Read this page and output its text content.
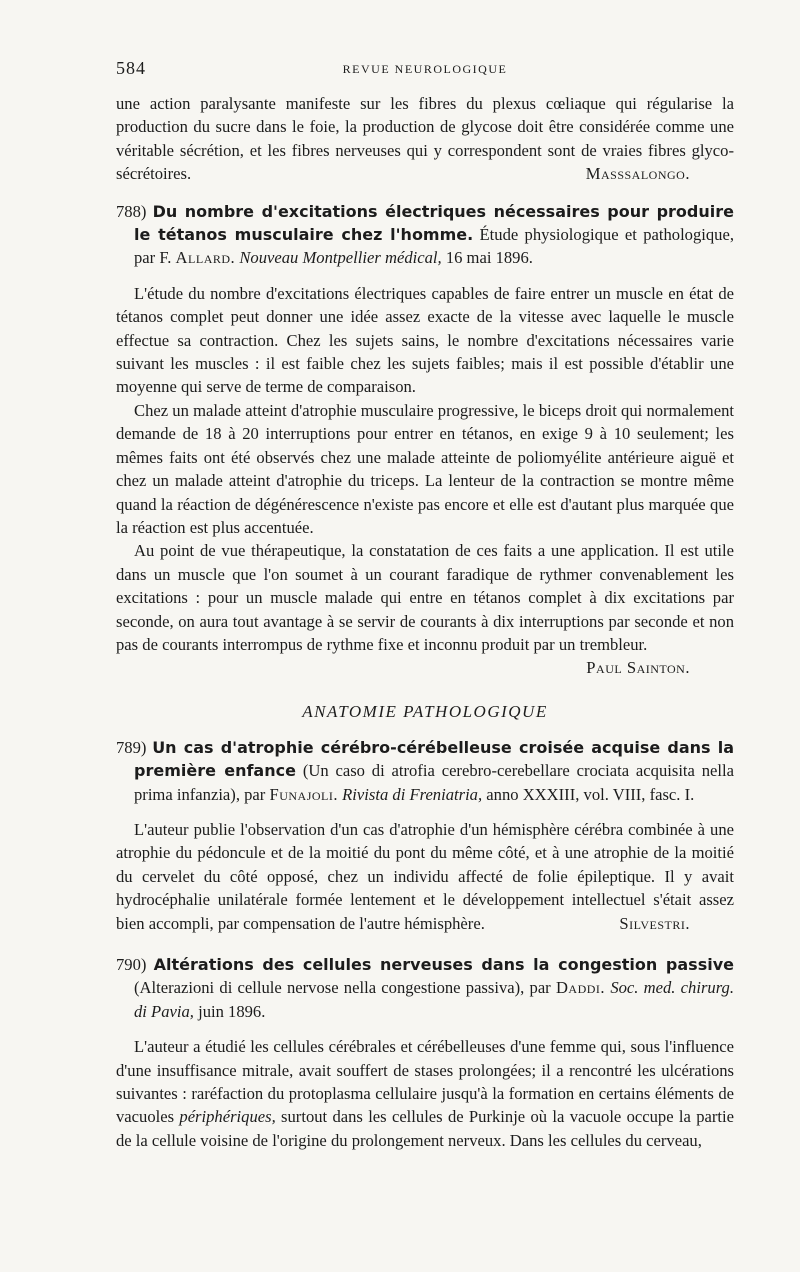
584	REVUE NEUROLOGIQUE

une action paralysante manifeste sur les fibres du plexus cœliaque qui régularise la production du sucre dans le foie, la production de glycose doit être considérée comme une véritable sécrétion, et les fibres nerveuses qui y correspondent sont de vraies fibres glyco-sécrétoires.	Masssalongo.

788) Du nombre d'excitations électriques nécessaires pour produire le tétanos musculaire chez l'homme. Étude physiologique et pathologique, par F. Allard. Nouveau Montpellier médical, 16 mai 1896.

L'étude du nombre d'excitations électriques capables de faire entrer un muscle en état de tétanos complet peut donner une idée assez exacte de la vitesse avec laquelle le muscle effectue sa contraction. Chez les sujets sains, le nombre d'excitations nécessaires varie suivant les muscles : il est faible chez les sujets faibles; mais il est possible d'établir une moyenne qui serve de terme de comparaison.

Chez un malade atteint d'atrophie musculaire progressive, le biceps droit qui normalement demande de 18 à 20 interruptions pour entrer en tétanos, en exige 9 à 10 seulement; les mêmes faits ont été observés chez une malade atteinte de poliomyélite antérieure aiguë et chez un malade atteint d'atrophie du triceps. La lenteur de la contraction se montre même quand la réaction de dégénérescence n'existe pas encore et elle est d'autant plus marquée que la réaction est plus accentuée.

Au point de vue thérapeutique, la constatation de ces faits a une application. Il est utile dans un muscle que l'on soumet à un courant faradique de rythmer convenablement les excitations : pour un muscle malade qui entre en tétanos complet à dix excitations par seconde, on aura tout avantage à se servir de courants à dix interruptions par seconde et non pas de courants interrompus de rythme fixe et inconnu produit par un trembleur.
Paul Sainton.

ANATOMIE PATHOLOGIQUE
789) Un cas d'atrophie cérébro-cérébelleuse croisée acquise dans la première enfance (Un caso di atrofia cerebro-cerebellare crociata acquisita nella prima infanzia), par Funajoli. Rivista di Freniatria, anno XXXIII, vol. VIII, fasc. I.

L'auteur publie l'observation d'un cas d'atrophie d'un hémisphère cérébra combinée à une atrophie du pédoncule et de la moitié du pont du même côté, et à une atrophie de la moitié du cervelet du côté opposé, chez un individu affecté de folie épileptique. Il y avait hydrocéphalie unilatérale formée lentement et le développement intellectuel s'était assez bien accompli, par compensation de l'autre hémisphère.	Silvestri.

790) Altérations des cellules nerveuses dans la congestion passive (Alterazioni di cellule nervose nella congestione passiva), par Daddi. Soc. med. chirurg. di Pavia, juin 1896.

L'auteur a étudié les cellules cérébrales et cérébelleuses d'une femme qui, sous l'influence d'une insuffisance mitrale, avait souffert de stases prolongées; il a rencontré les ulcérations suivantes : raréfaction du protoplasma cellulaire jusqu'à la formation en certains éléments de vacuoles périphériques, surtout dans les cellules de Purkinje où la vacuole occupe la partie de la cellule voisine de l'origine du prolongement nerveux. Dans les cellules du cerveau,
